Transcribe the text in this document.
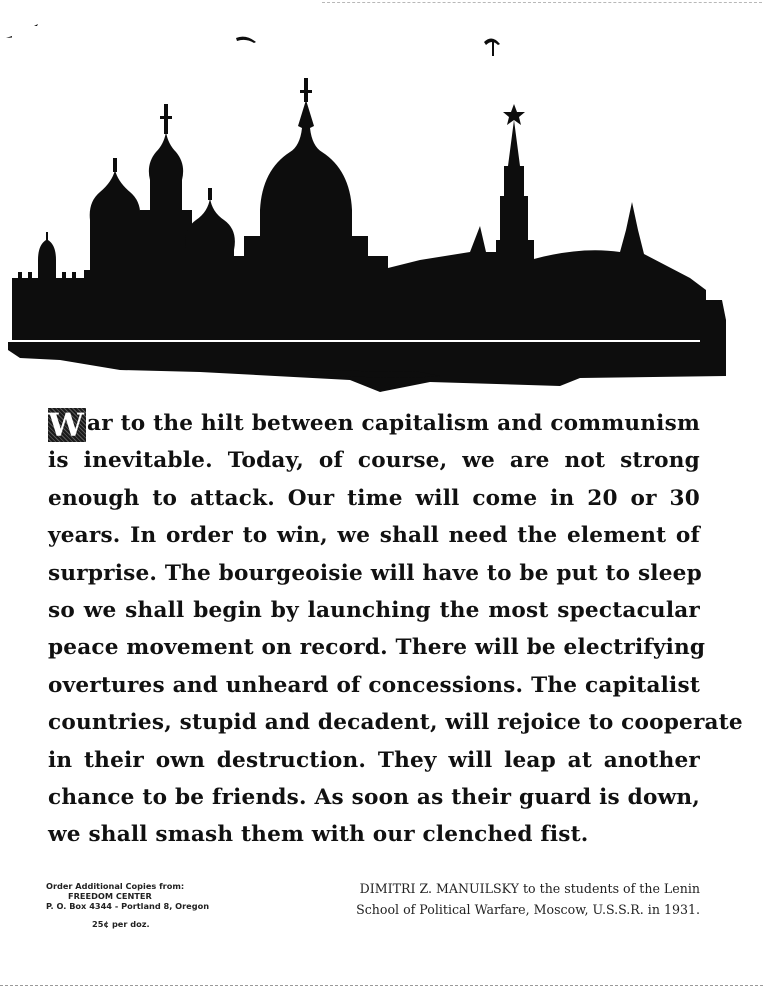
W ar to the hilt between capitalism and communism
is inevitable. Today, of course, we are not strong
enough to attack. Our time will come in 20 or 30
years. In order to win, we shall need the element of
surprise. The bourgeoisie will have to be put to sleep
so we shall begin by launching the most spectacular
peace movement on record. There will be electrifying
overtures and unheard of concessions. The capitalist
countries, stupid and decadent, will rejoice to cooperate
in their own destruction. They will leap at another
chance to be friends. As soon as their guard is down,
we shall smash them with our clenched fist.
Order Additional Copies from:
FREEDOM CENTER
P. O. Box 4344 - Portland 8, Oregon
25¢ per doz.
DIMITRI Z. MANUILSKY to the students of the Lenin
School of Political Warfare, Moscow, U.S.S.R. in 1931.
